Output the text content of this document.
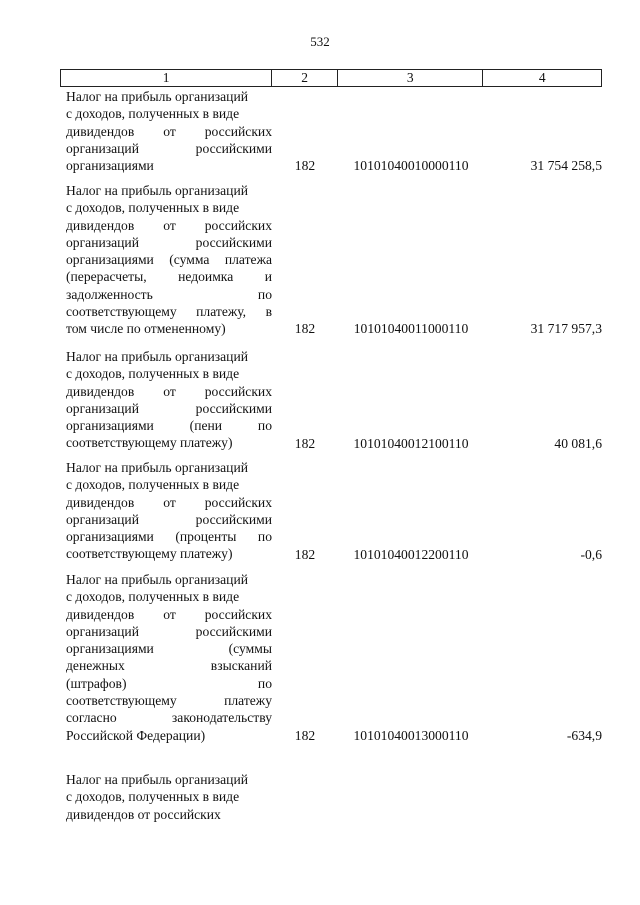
532
1	2	3	4
Налог на прибыль организаций
с доходов, полученных в виде
дивидендов от российских
организаций российскими
организациями	182	10101040010000110	31 754 258,5
Налог на прибыль организаций
с доходов, полученных в виде
дивидендов от российских
организаций российскими
организациями (сумма платежа
(перерасчеты, недоимка и
задолженность по
соответствующему платежу, в
том числе по отмененному)	182	10101040011000110	31 717 957,3
Налог на прибыль организаций
с доходов, полученных в виде
дивидендов от российских
организаций российскими
организациями (пени по
соответствующему платежу)	182	10101040012100110	40 081,6
Налог на прибыль организаций
с доходов, полученных в виде
дивидендов от российских
организаций российскими
организациями (проценты по
соответствующему платежу)	182	10101040012200110	-0,6
Налог на прибыль организаций
с доходов, полученных в виде
дивидендов от российских
организаций российскими
организациями (суммы
денежных взысканий
(штрафов) по
соответствующему платежу
согласно законодательству
Российской Федерации)	182	10101040013000110	-634,9
Налог на прибыль организаций
с доходов, полученных в виде
дивидендов от российских
